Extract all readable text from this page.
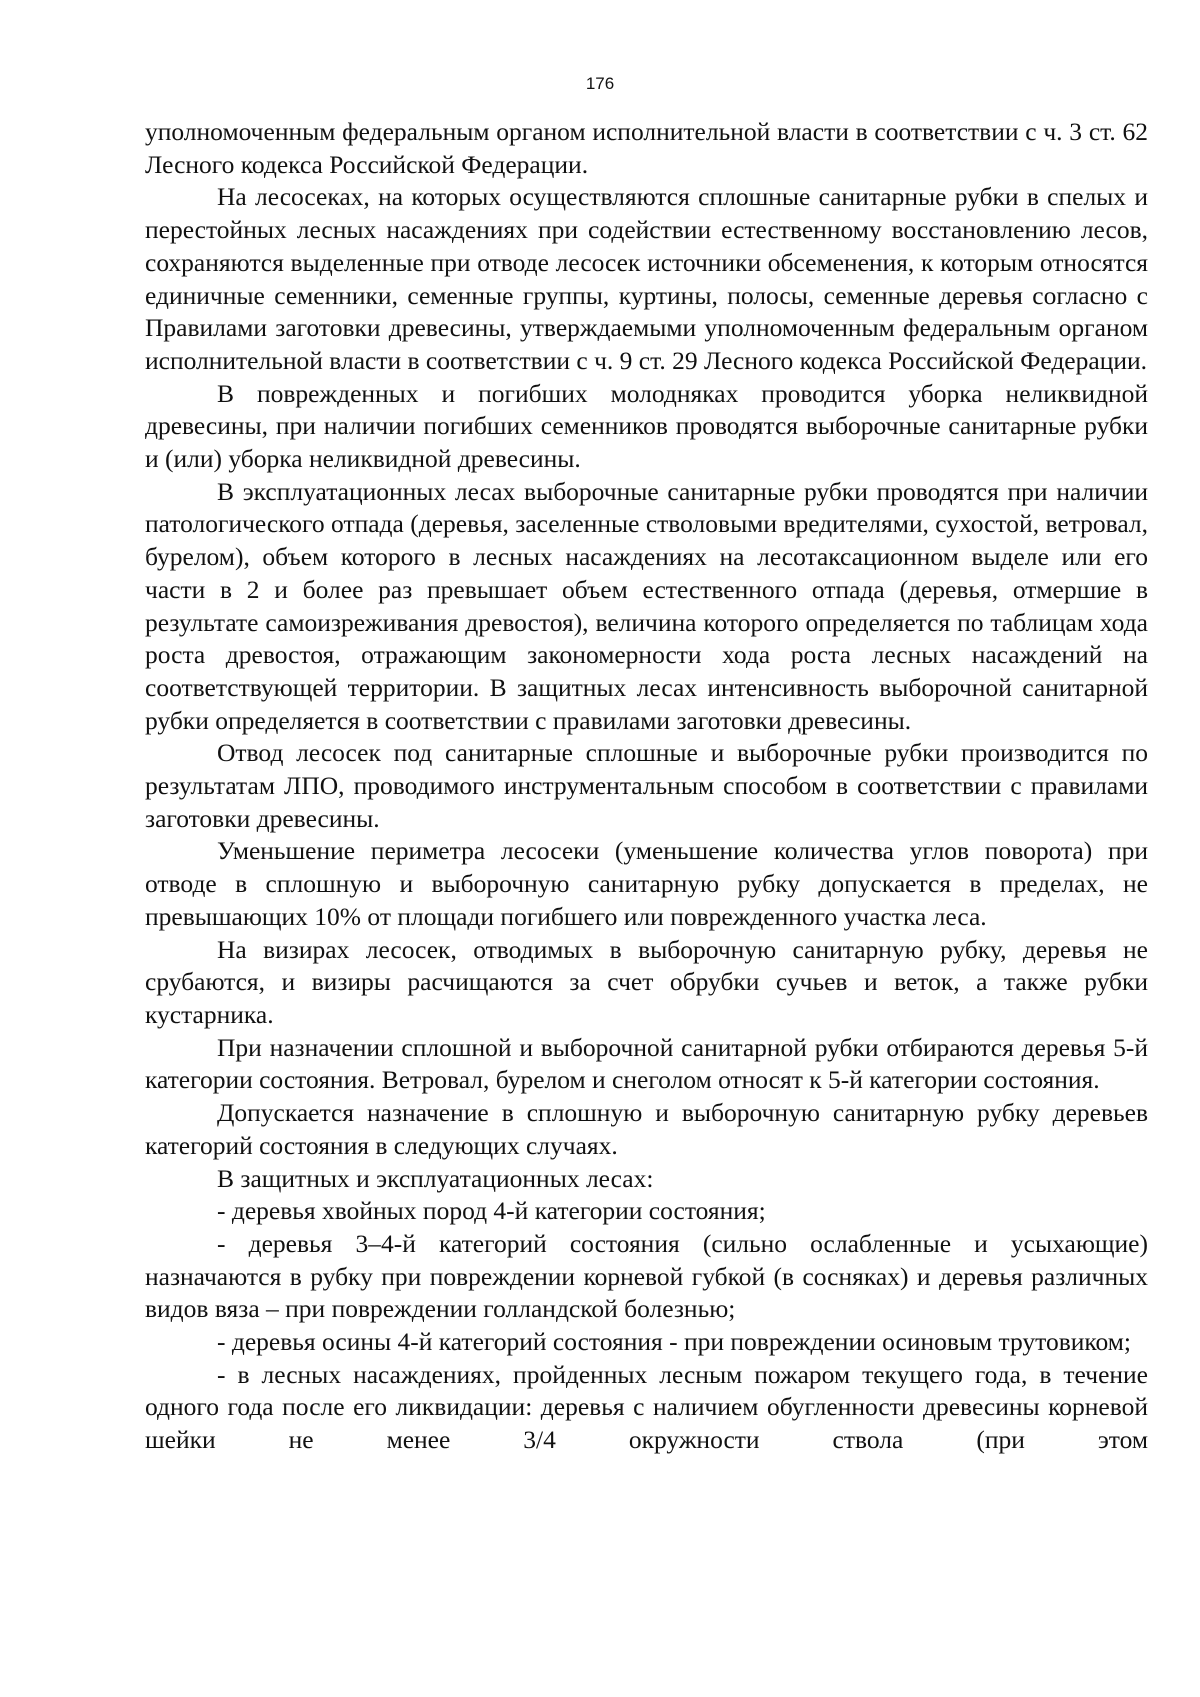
176

уполномоченным федеральным органом исполнительной власти в соответствии с ч. 3 ст. 62 Лесного кодекса Российской Федерации.

На лесосеках, на которых осуществляются сплошные санитарные рубки в спелых и перестойных лесных насаждениях при содействии естественному восстановлению лесов, сохраняются выделенные при отводе лесосек источники обсеменения, к которым относятся единичные семенники, семенные группы, куртины, полосы, семенные деревья согласно с Правилами заготовки древесины, утверждаемыми уполномоченным федеральным органом исполнительной власти в соответствии с ч. 9 ст. 29 Лесного кодекса Российской Федерации.

В поврежденных и погибших молодняках проводится уборка неликвидной древесины, при наличии погибших семенников проводятся выборочные санитарные рубки и (или) уборка неликвидной древесины.

В эксплуатационных лесах выборочные санитарные рубки проводятся при наличии патологического отпада (деревья, заселенные стволовыми вредителями, сухостой, ветровал, бурелом), объем которого в лесных насаждениях на лесотаксационном выделе или его части в 2 и более раз превышает объем естественного отпада (деревья, отмершие в результате самоизреживания древостоя), величина которого определяется по таблицам хода роста древостоя, отражающим закономерности хода роста лесных насаждений на соответствующей территории. В защитных лесах интенсивность выборочной санитарной рубки определяется в соответствии с правилами заготовки древесины.

Отвод лесосек под санитарные сплошные и выборочные рубки производится по результатам ЛПО, проводимого инструментальным способом в соответствии с правилами заготовки древесины.

Уменьшение периметра лесосеки (уменьшение количества углов поворота) при отводе в сплошную и выборочную санитарную рубку допускается в пределах, не превышающих 10% от площади погибшего или поврежденного участка леса.

На визирах лесосек, отводимых в выборочную санитарную рубку, деревья не срубаются, и визиры расчищаются за счет обрубки сучьев и веток, а также рубки кустарника.

При назначении сплошной и выборочной санитарной рубки отбираются деревья 5-й категории состояния. Ветровал, бурелом и снеголом относят к 5-й категории состояния.

Допускается назначение в сплошную и выборочную санитарную рубку деревьев категорий состояния в следующих случаях.

В защитных и эксплуатационных лесах:

- деревья хвойных пород 4-й категории состояния;

- деревья 3–4-й категорий состояния (сильно ослабленные и усыхающие) назначаются в рубку при повреждении корневой губкой (в сосняках) и деревья различных видов вяза – при повреждении голландской болезнью;

- деревья осины 4-й категорий состояния - при повреждении осиновым трутовиком;

- в лесных насаждениях, пройденных лесным пожаром текущего года, в течение одного года после его ликвидации: деревья с наличием обугленности древесины корневой шейки не менее 3/4 окружности ствола (при этом
